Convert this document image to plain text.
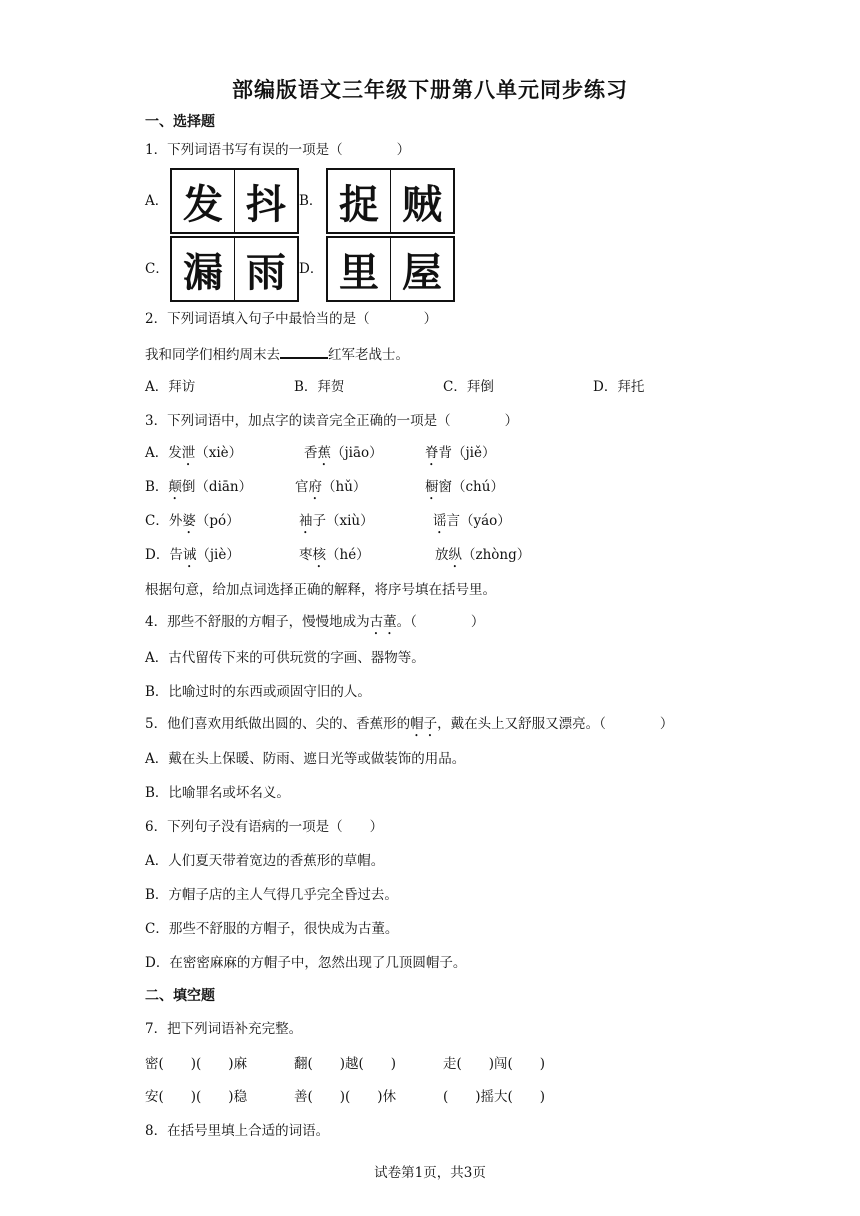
部编版语文三年级下册第八单元同步练习
一、选择题
1．下列词语书写有误的一项是（　　　　）
A． 发 抖 B． 捉 贼
C． 漏 雨 D． 里 屋
2．下列词语填入句子中最恰当的是（　　　　）
我和同学们相约周末去	红军老战士。
A．拜访	B．拜贺	C．拜倒	D．拜托
3．下列词语中，加点字的读音完全正确的一项是（　　　　）
A．发泄（xiè）	香蕉（jiāo）	脊背（jiě）
B．颠倒（diān）	官府（hǔ）	橱窗（chú）
C．外婆（pó）	袖子（xiù）	谣言（yáo）
D．告诫（jiè）	枣核（hé）	放纵（zhòng）
根据句意，给加点词选择正确的解释，将序号填在括号里。
4．那些不舒服的方帽子，慢慢地成为古董。（　　　　）
A．古代留传下来的可供玩赏的字画、器物等。
B．比喻过时的东西或顽固守旧的人。
5．他们喜欢用纸做出圆的、尖的、香蕉形的帽子，戴在头上又舒服又漂亮。（　　　　）
A．戴在头上保暖、防雨、遮日光等或做装饰的用品。
B．比喻罪名或坏名义。
6．下列句子没有语病的一项是（　　）
A．人们夏天带着宽边的香蕉形的草帽。
B．方帽子店的主人气得几乎完全昏过去。
C．那些不舒服的方帽子，很快成为古董。
D．在密密麻麻的方帽子中，忽然出现了几顶圆帽子。
二、填空题
7．把下列词语补充完整。
密(　　)(　　)麻	翻(　　)越(　　)	走(　　)闯(　　)
安(　　)(　　)稳	善(　　)(　　)休	(　　)摇大(　　)
8．在括号里填上合适的词语。
试卷第1页，共3页
